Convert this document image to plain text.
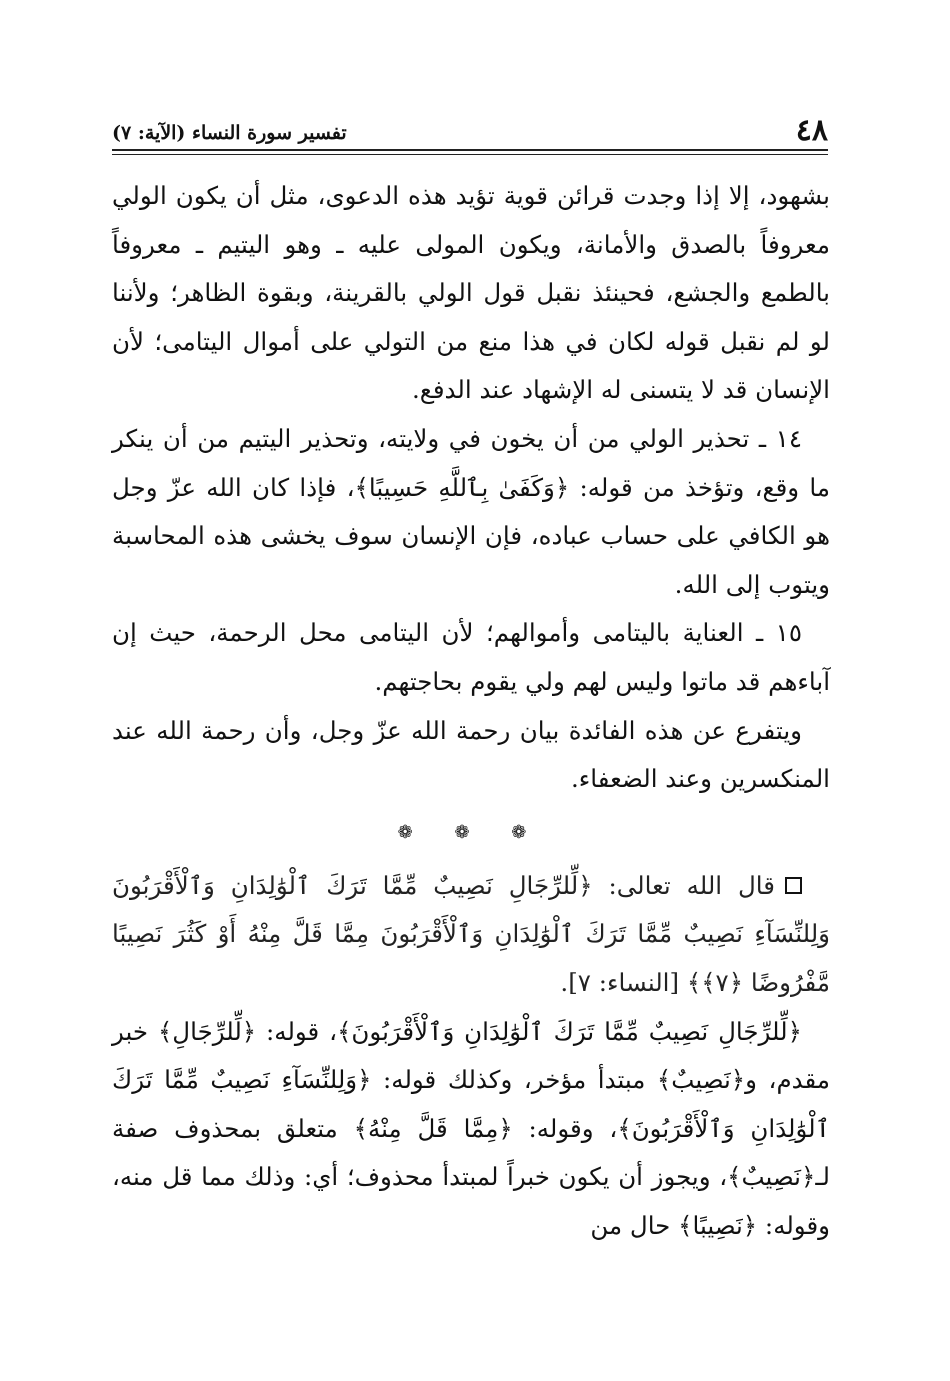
٤٨
تفسير سورة النساء (الآية: ٧)

بشهود، إلا إذا وجدت قرائن قوية تؤيد هذه الدعوى، مثل أن يكون الولي معروفاً بالصدق والأمانة، ويكون المولى عليه ـ وهو اليتيم ـ معروفاً بالطمع والجشع، فحينئذ نقبل قول الولي بالقرينة، وبقوة الظاهر؛ ولأننا لو لم نقبل قوله لكان في هذا منع من التولي على أموال اليتامى؛ لأن الإنسان قد لا يتسنى له الإشهاد عند الدفع.

١٤ ـ تحذير الولي من أن يخون في ولايته، وتحذير اليتيم من أن ينكر ما وقع، وتؤخذ من قوله: ﴿وَكَفَىٰ بِٱللَّهِ حَسِيبًا﴾، فإذا كان الله عزّ وجل هو الكافي على حساب عباده، فإن الإنسان سوف يخشى هذه المحاسبة ويتوب إلى الله.

١٥ ـ العناية باليتامى وأموالهم؛ لأن اليتامى محل الرحمة، حيث إن آباءهم قد ماتوا وليس لهم ولي يقوم بحاجتهم.

ويتفرع عن هذه الفائدة بيان رحمة الله عزّ وجل، وأن رحمة الله عند المنكسرين وعند الضعفاء.

❁ ❁ ❁

قال الله تعالى: ﴿لِّلرِّجَالِ نَصِيبٌ مِّمَّا تَرَكَ ٱلْوَٰلِدَانِ وَٱلْأَقْرَبُونَ وَلِلنِّسَآءِ نَصِيبٌ مِّمَّا تَرَكَ ٱلْوَٰلِدَانِ وَٱلْأَقْرَبُونَ مِمَّا قَلَّ مِنْهُ أَوْ كَثُرَ نَصِيبًا مَّفْرُوضًا ﴿٧﴾﴾ [النساء: ٧].

﴿لِّلرِّجَالِ نَصِيبٌ مِّمَّا تَرَكَ ٱلْوَٰلِدَانِ وَٱلْأَقْرَبُونَ﴾، قوله: ﴿لِّلرِّجَالِ﴾ خبر مقدم، و﴿نَصِيبٌ﴾ مبتدأ مؤخر، وكذلك قوله: ﴿وَلِلنِّسَآءِ نَصِيبٌ مِّمَّا تَرَكَ ٱلْوَٰلِدَانِ وَٱلْأَقْرَبُونَ﴾، وقوله: ﴿مِمَّا قَلَّ مِنْهُ﴾ متعلق بمحذوف صفة لـ﴿نَصِيبٌ﴾، ويجوز أن يكون خبراً لمبتدأ محذوف؛ أي: وذلك مما قل منه، وقوله: ﴿نَصِيبًا﴾ حال من
